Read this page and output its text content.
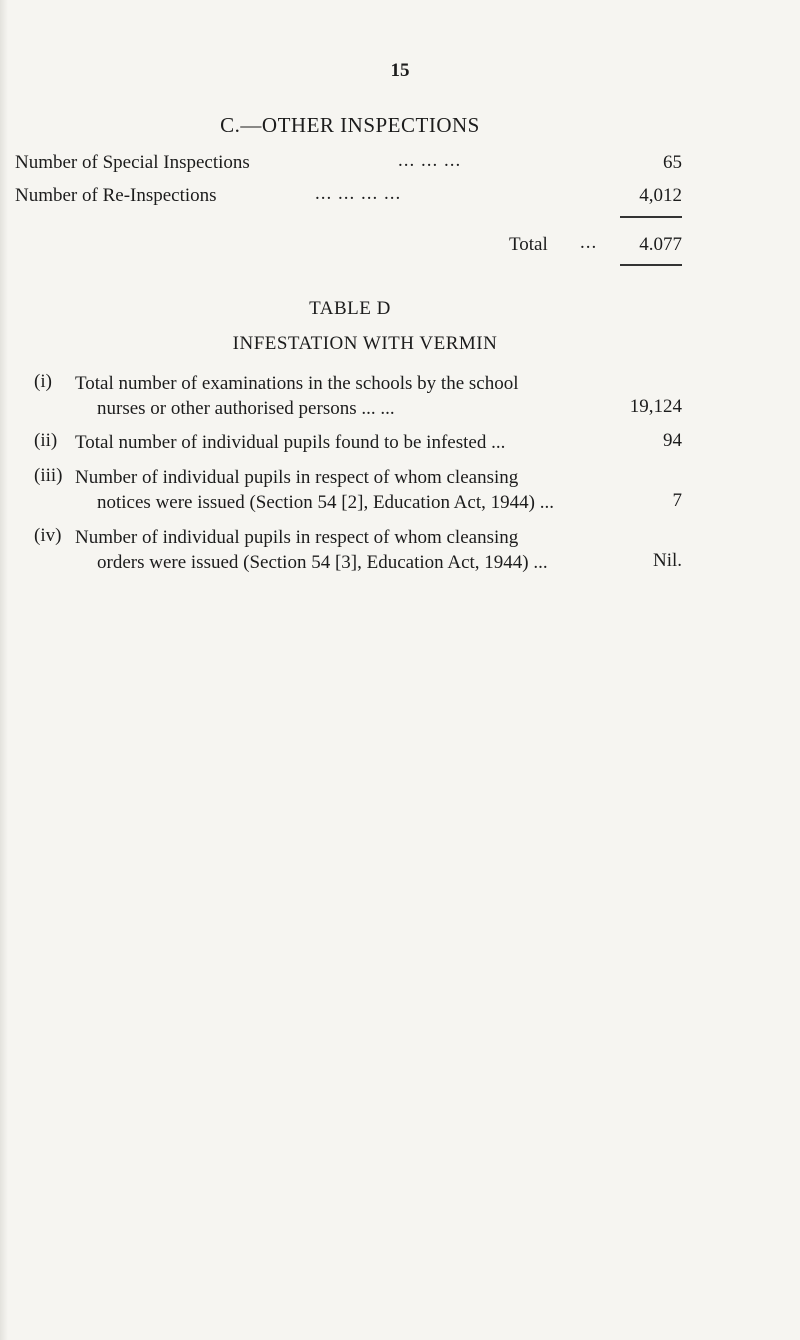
15
C.—OTHER INSPECTIONS
Number of Special Inspections	... ... ...	65
Number of Re-Inspections	... ... ... ...	4,012
Total ... 4.077
TABLE D
INFESTATION WITH VERMIN
(i) Total number of examinations in the schools by the school
nurses or other authorised persons ... ...	19,124
(ii) Total number of individual pupils found to be infested ...	94
(iii) Number of individual pupils in respect of whom cleansing
notices were issued (Section 54 [2], Education Act, 1944) ...	7
(iv) Number of individual pupils in respect of whom cleansing
orders were issued (Section 54 [3], Education Act, 1944) ...	Nil.
